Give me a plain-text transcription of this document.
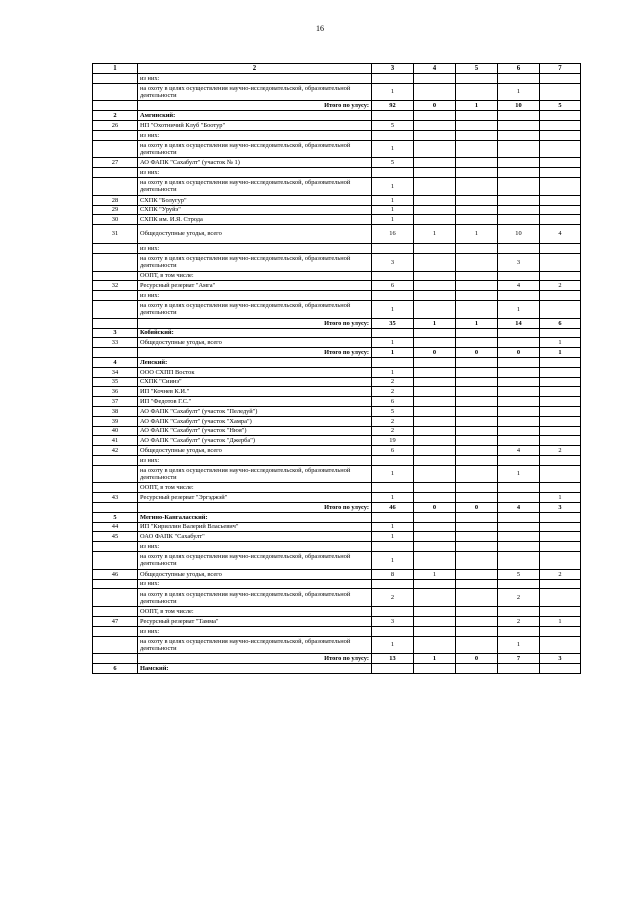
16
1	2	3	4	5	6	7
	из них:					
	на охоту в целях осуществления научно-исследовательской, образовательной деятельности	1			1	
	Итого по улусу:	92	0	1	10	5
2	Амгинский:					
26	НП "Охотничий Клуб "Боотур"	5				
	из них:					
	на охоту в целях осуществления научно-исследовательской, образовательной деятельности	1				
27	АО ФАПК "Сахабулт" (участок № 1)	5				
	из них:					
	на охоту в целях осуществления научно-исследовательской, образовательной деятельности	1				
28	СХПК "Болугур"	1				
29	СХПК "Уруйэ"	1				
30	СХПК им. И.Я. Строда	1				
31	Общедоступные угодья, всего	16	1	1	10	4
	из них:					
	на охоту в целях осуществления научно-исследовательской, образовательной деятельности	3			3	
	ООПТ, в том числе:					
32	Ресурсный резерват "Амга"	6			4	2
	из них:					
	на охоту в целях осуществления научно-исследовательской, образовательной деятельности	1			1	
	Итого по улусу:	35	1	1	14	6
3	Кобяйский:					
33	Общедоступные угодья, всего	1				1
	Итого по улусу:	1	0	0	0	1
4	Ленский:					
34	ООО СХПП Восток	1				
35	СХПК "Сиинэ"	2				
36	ИП "Кочнев К.И."	2				
37	ИП "Федотов Г.С."	6				
38	АО ФАПК "Сахабулт" (участок "Пеледуй")	5				
39	АО ФАПК "Сахабулт" (участок "Хамра")	2				
40	АО ФАПК "Сахабулт" (участок "Нюя")	2				
41	АО ФАПК "Сахабулт" (участок "Джерба")	19				
42	Общедоступные угодья, всего	6			4	2
	из них:					
	на охоту в целях осуществления научно-исследовательской, образовательной деятельности	1			1	
	ООПТ, в том числе:					
43	Ресурсный резерват "Эргэджэй"	1				1
	Итого по улусу:	46	0	0	4	3
5	Мегино-Кангаласский:					
44	ИП "Кириллин Валерий Власьевич"	1				
45	ОАО ФАПК "Сахабулт"	1				
	из них:					
	на охоту в целях осуществления научно-исследовательской, образовательной деятельности	1				
46	Общедоступные угодья, всего	8	1		5	2
	из них:					
	на охоту в целях осуществления научно-исследовательской, образовательной деятельности	2			2	
	ООПТ, в том числе:					
47	Ресурсный резерват "Тамма"	3			2	1
	из них:					
	на охоту в целях осуществления научно-исследовательской, образовательной деятельности	1			1	
	Итого по улусу:	13	1	0	7	3
6	Намский:					
